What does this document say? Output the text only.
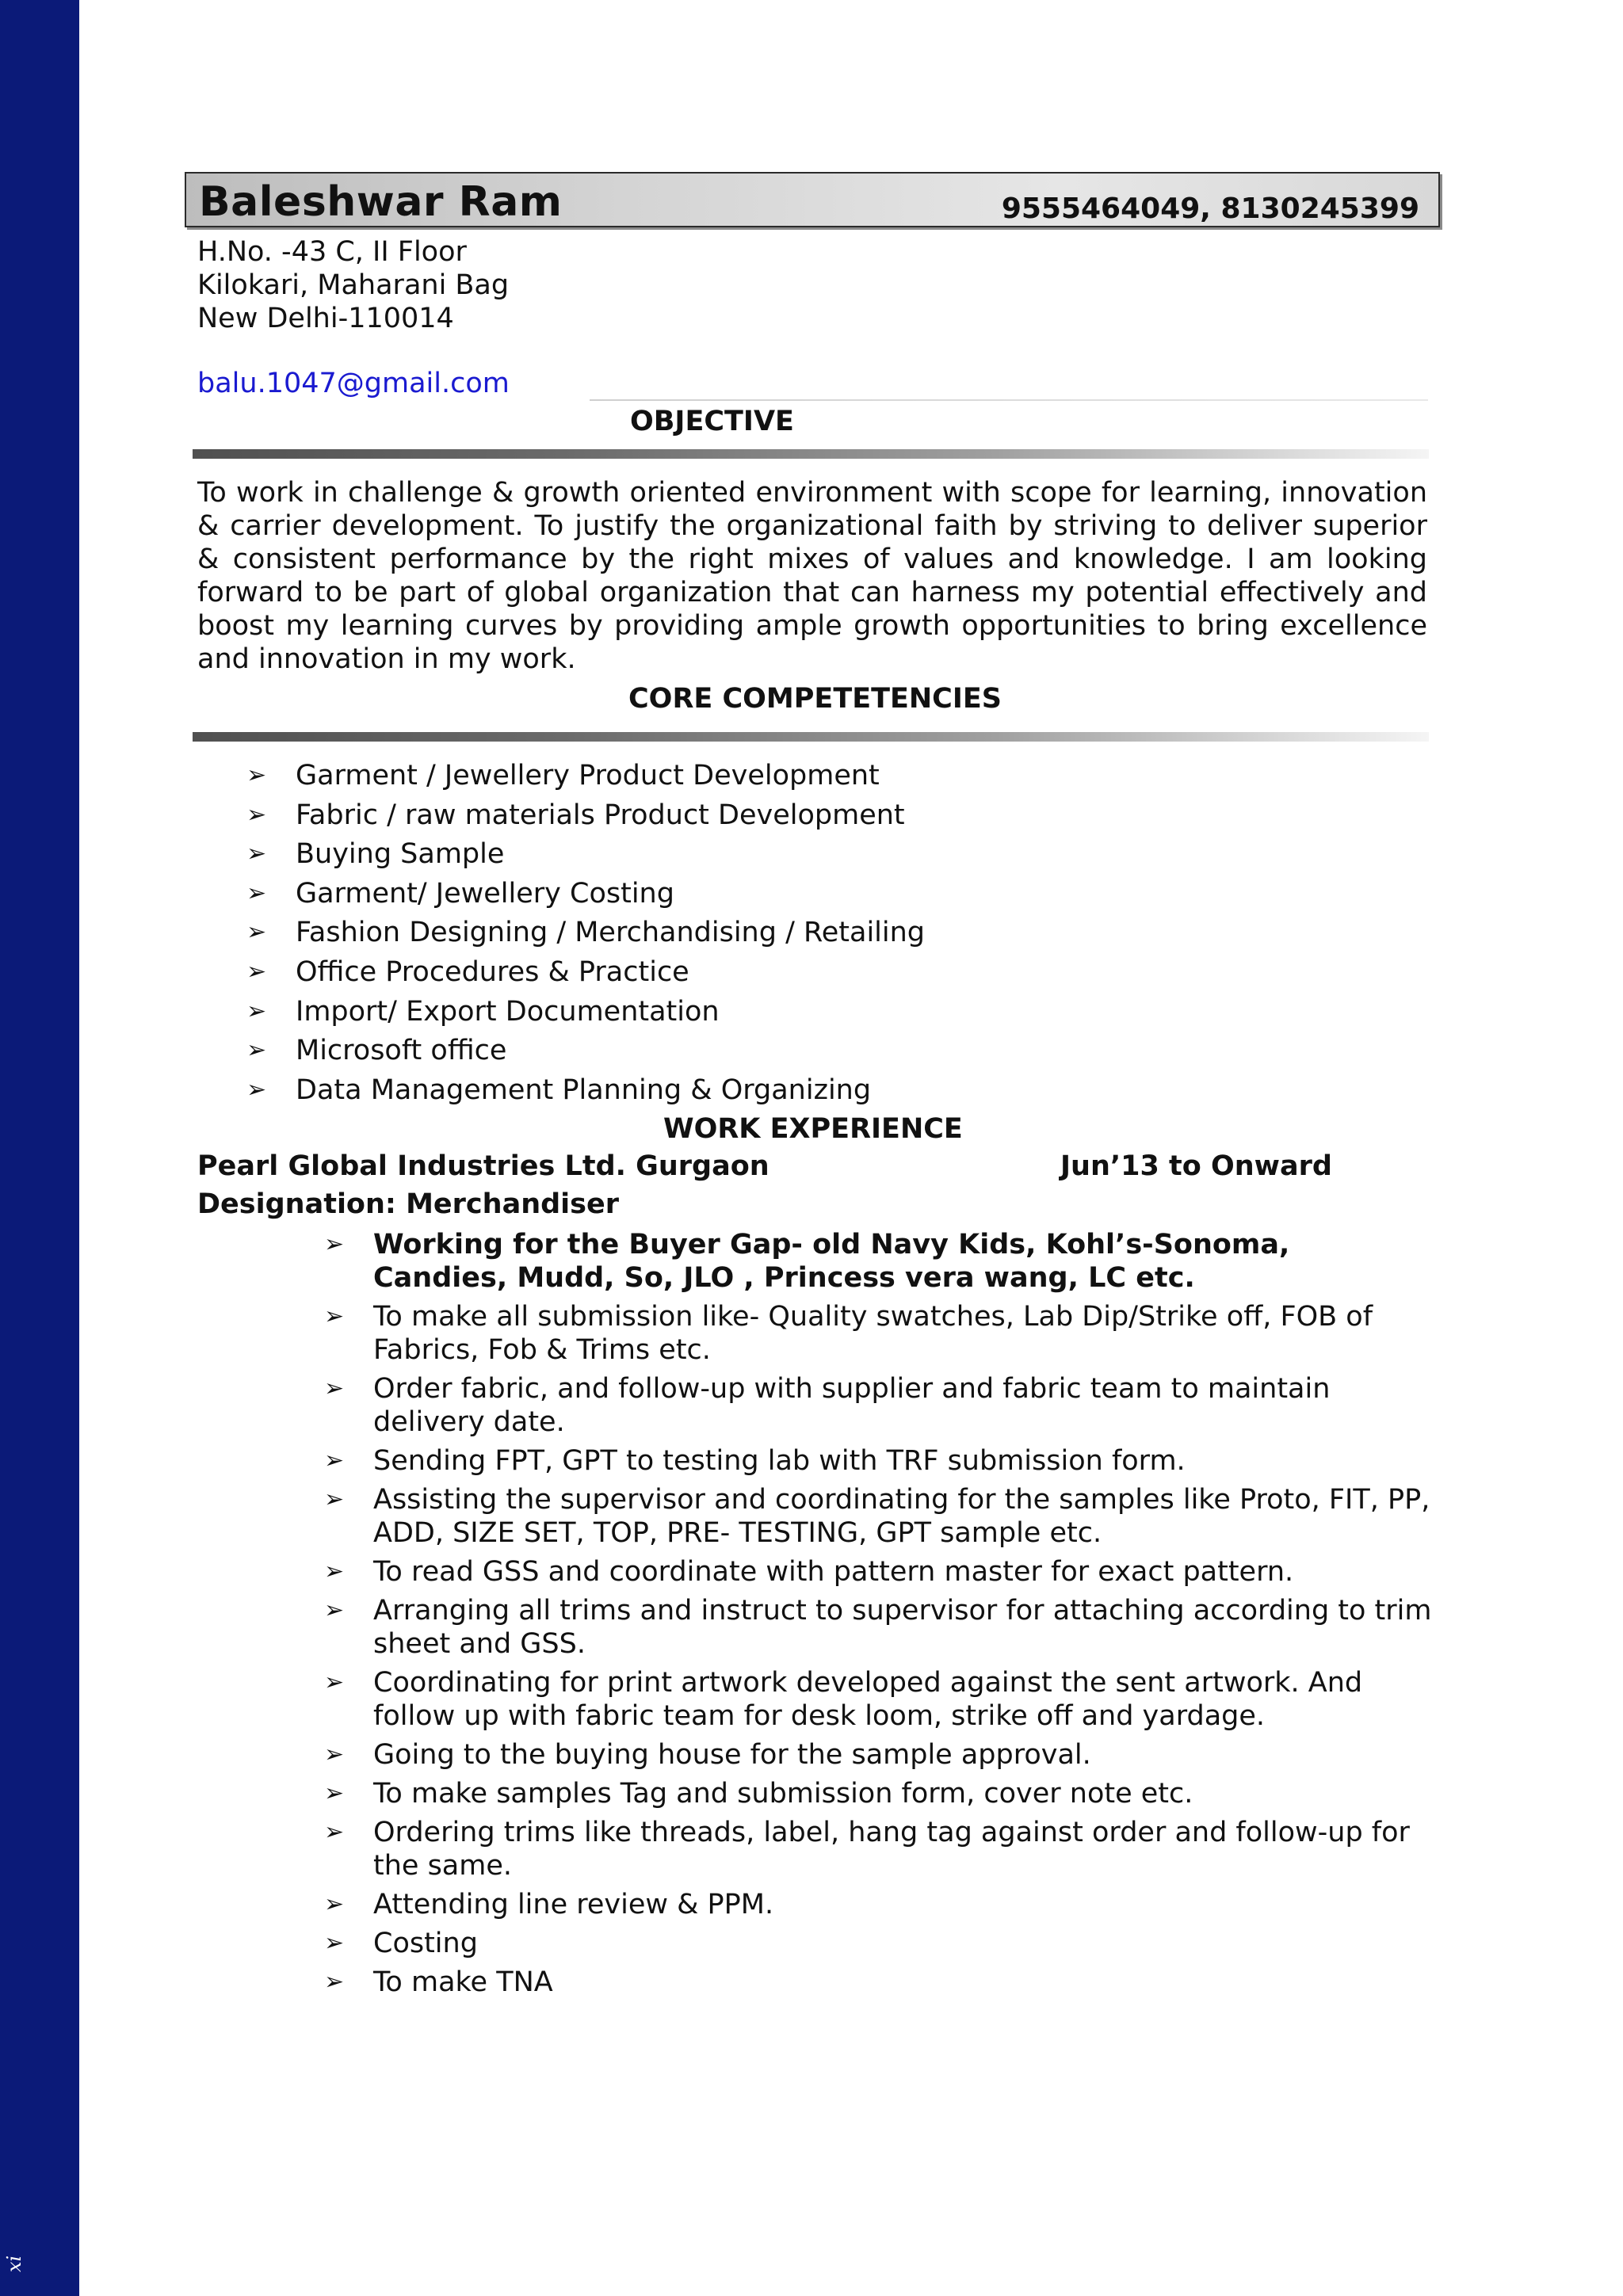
xi
Baleshwar Ram	9555464049, 8130245399
H.No. -43 C, II Floor
Kilokari, Maharani Bag
New Delhi-110014
balu.1047@gmail.com
OBJECTIVE
To work in challenge & growth oriented environment with scope for learning, innovation & carrier development. To justify the organizational faith by striving to deliver superior & consistent performance by the right mixes of values and knowledge. I am looking forward to be part of global organization that can harness my potential effectively and boost my learning curves by providing ample growth opportunities to bring excellence and innovation in my work.
CORE COMPETETENCIES
➢ Garment / Jewellery Product Development
➢ Fabric / raw materials Product Development
➢ Buying Sample
➢ Garment/ Jewellery Costing
➢ Fashion Designing / Merchandising / Retailing
➢ Office Procedures & Practice
➢ Import/ Export Documentation
➢ Microsoft office
➢ Data Management Planning & Organizing
WORK EXPERIENCE
Pearl Global Industries Ltd. Gurgaon	Jun’13 to Onward
Designation: Merchandiser
➢ Working for the Buyer Gap- old Navy Kids, Kohl’s-Sonoma, Candies, Mudd, So, JLO , Princess vera wang, LC etc.
➢ To make all submission like- Quality swatches, Lab Dip/Strike off, FOB of Fabrics, Fob & Trims etc.
➢ Order fabric, and follow-up with supplier and fabric team to maintain delivery date.
➢ Sending FPT, GPT to testing lab with TRF submission form.
➢ Assisting the supervisor and coordinating for the samples like Proto, FIT, PP, ADD, SIZE SET, TOP, PRE- TESTING, GPT sample etc.
➢ To read GSS and coordinate with pattern master for exact pattern.
➢ Arranging all trims and instruct to supervisor for attaching according to trim sheet and GSS.
➢ Coordinating for print artwork developed against the sent artwork. And follow up with fabric team for desk loom, strike off and yardage.
➢ Going to the buying house for the sample approval.
➢ To make samples Tag and submission form, cover note etc.
➢ Ordering trims like threads, label, hang tag against order and follow-up for the same.
➢ Attending line review & PPM.
➢ Costing
➢ To make TNA
